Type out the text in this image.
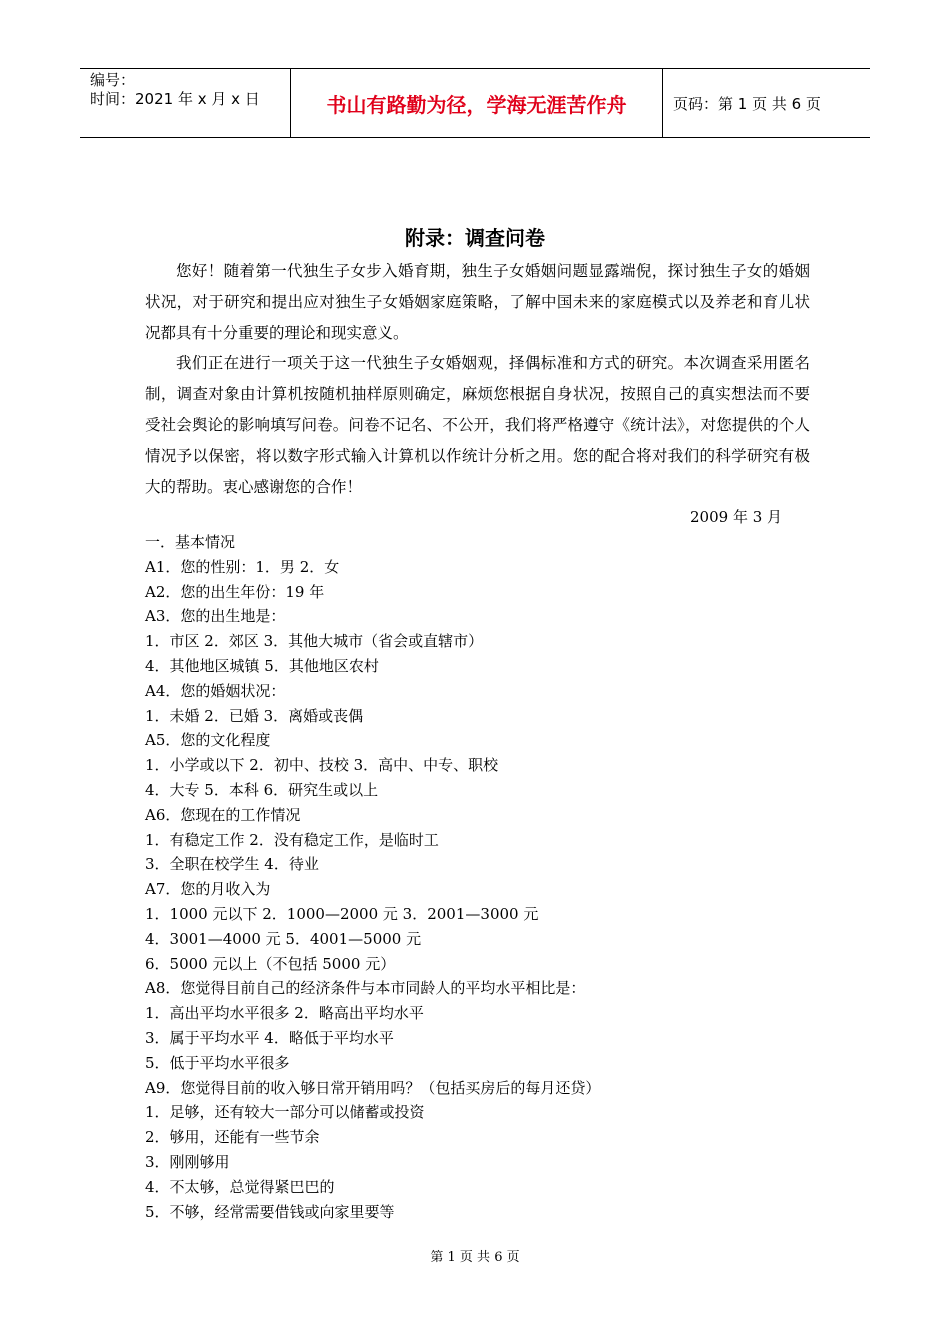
编号：
时间：2021 年 x 月 x 日	书山有路勤为径，学海无涯苦作舟	页码：第 1 页 共 6 页
附录：调查问卷

您好！随着第一代独生子女步入婚育期，独生子女婚姻问题显露端倪，探讨独生子女的婚姻状况，对于研究和提出应对独生子女婚姻家庭策略，了解中国未来的家庭模式以及养老和育儿状况都具有十分重要的理论和现实意义。

我们正在进行一项关于这一代独生子女婚姻观，择偶标准和方式的研究。本次调查采用匿名制，调查对象由计算机按随机抽样原则确定，麻烦您根据自身状况，按照自己的真实想法而不要受社会舆论的影响填写问卷。问卷不记名、不公开，我们将严格遵守《统计法》，对您提供的个人情况予以保密，将以数字形式输入计算机以作统计分析之用。您的配合将对我们的科学研究有极大的帮助。衷心感谢您的合作！

2009 年 3 月
一．基本情况
A1．您的性别：1．男 2．女
A2．您的出生年份：19 年
A3．您的出生地是：
1．市区 2．郊区 3．其他大城市（省会或直辖市）
4．其他地区城镇 5．其他地区农村
A4．您的婚姻状况：
1．未婚 2．已婚 3．离婚或丧偶
A5．您的文化程度
1．小学或以下 2．初中、技校 3．高中、中专、职校
4．大专 5．本科 6．研究生或以上
A6．您现在的工作情况
1．有稳定工作 2．没有稳定工作，是临时工
3．全职在校学生 4．待业
A7．您的月收入为
1．1000 元以下 2．1000—2000 元 3．2001—3000 元
4．3001—4000 元 5．4001—5000 元
6．5000 元以上（不包括 5000 元）
A8．您觉得目前自己的经济条件与本市同龄人的平均水平相比是：
1．高出平均水平很多 2．略高出平均水平
3．属于平均水平 4．略低于平均水平
5．低于平均水平很多
A9．您觉得目前的收入够日常开销用吗？（包括买房后的每月还贷）
1．足够，还有较大一部分可以储蓄或投资
2．够用，还能有一些节余
3．刚刚够用
4．不太够，总觉得紧巴巴的
5．不够，经常需要借钱或向家里要等
第 1 页 共 6 页
